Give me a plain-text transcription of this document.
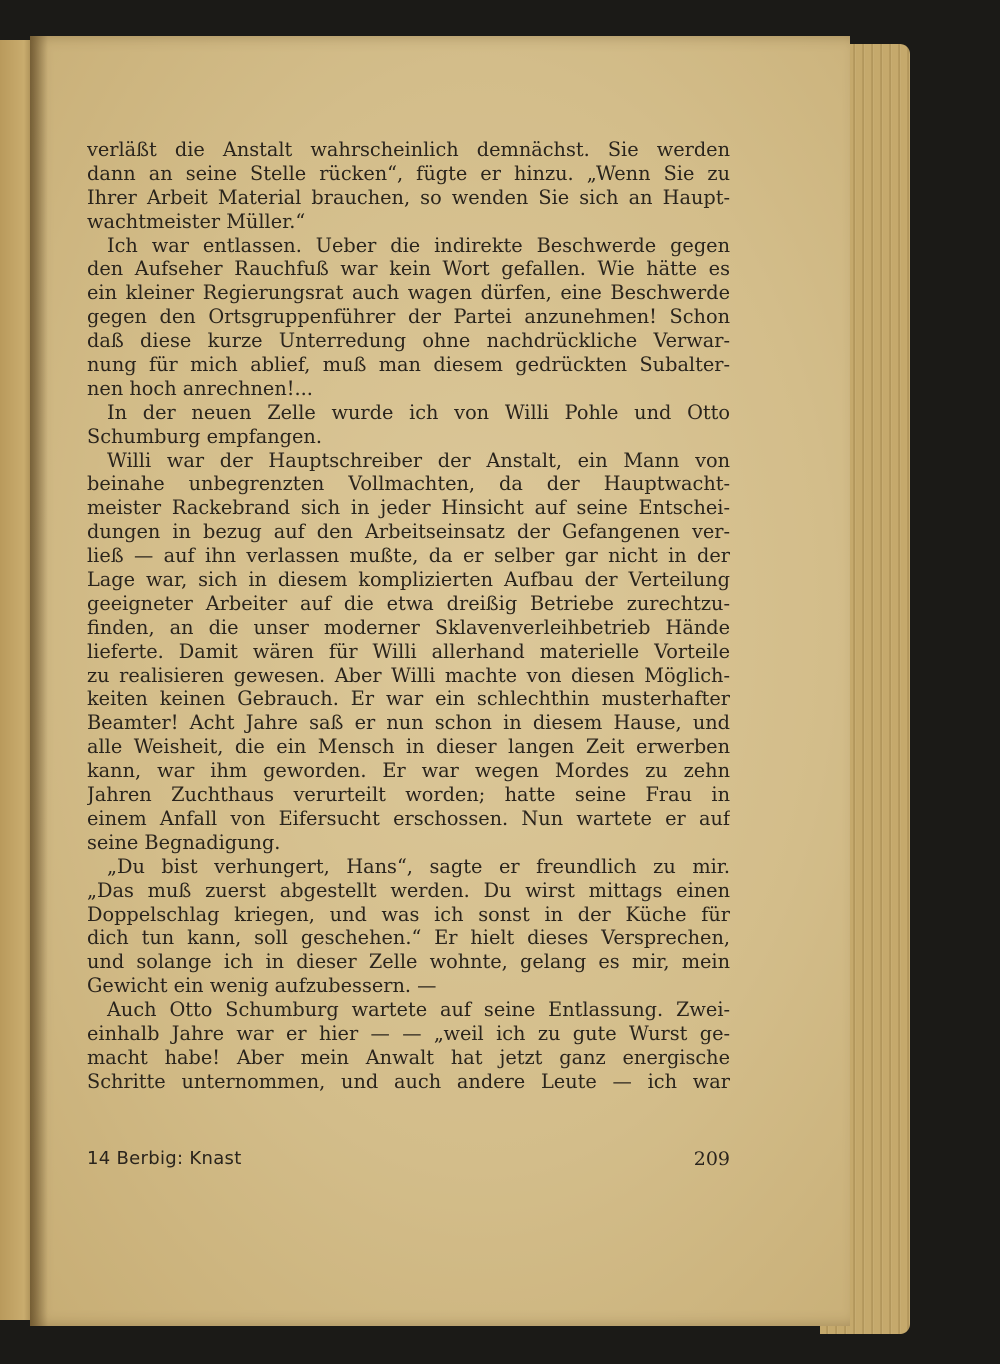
verläßt die Anstalt wahrscheinlich demnächst. Sie werden
dann an seine Stelle rücken“, fügte er hinzu. „Wenn Sie zu
Ihrer Arbeit Material brauchen, so wenden Sie sich an Haupt-
wachtmeister Müller.“
Ich war entlassen. Ueber die indirekte Beschwerde gegen
den Aufseher Rauchfuß war kein Wort gefallen. Wie hätte es
ein kleiner Regierungsrat auch wagen dürfen, eine Beschwerde
gegen den Ortsgruppenführer der Partei anzunehmen! Schon
daß diese kurze Unterredung ohne nachdrückliche Verwar-
nung für mich ablief, muß man diesem gedrückten Subalter-
nen hoch anrechnen!...
In der neuen Zelle wurde ich von Willi Pohle und Otto
Schumburg empfangen.
Willi war der Hauptschreiber der Anstalt, ein Mann von
beinahe unbegrenzten Vollmachten, da der Hauptwacht-
meister Rackebrand sich in jeder Hinsicht auf seine Entschei-
dungen in bezug auf den Arbeitseinsatz der Gefangenen ver-
ließ — auf ihn verlassen mußte, da er selber gar nicht in der
Lage war, sich in diesem komplizierten Aufbau der Verteilung
geeigneter Arbeiter auf die etwa dreißig Betriebe zurechtzu-
finden, an die unser moderner Sklavenverleihbetrieb Hände
lieferte. Damit wären für Willi allerhand materielle Vorteile
zu realisieren gewesen. Aber Willi machte von diesen Möglich-
keiten keinen Gebrauch. Er war ein schlechthin musterhafter
Beamter! Acht Jahre saß er nun schon in diesem Hause, und
alle Weisheit, die ein Mensch in dieser langen Zeit erwerben
kann, war ihm geworden. Er war wegen Mordes zu zehn
Jahren Zuchthaus verurteilt worden; hatte seine Frau in
einem Anfall von Eifersucht erschossen. Nun wartete er auf
seine Begnadigung.
„Du bist verhungert, Hans“, sagte er freundlich zu mir.
„Das muß zuerst abgestellt werden. Du wirst mittags einen
Doppelschlag kriegen, und was ich sonst in der Küche für
dich tun kann, soll geschehen.“ Er hielt dieses Versprechen,
und solange ich in dieser Zelle wohnte, gelang es mir, mein
Gewicht ein wenig aufzubessern. —
Auch Otto Schumburg wartete auf seine Entlassung. Zwei-
einhalb Jahre war er hier — — „weil ich zu gute Wurst ge-
macht habe! Aber mein Anwalt hat jetzt ganz energische
Schritte unternommen, und auch andere Leute — ich war
14 Berbig: Knast	209
